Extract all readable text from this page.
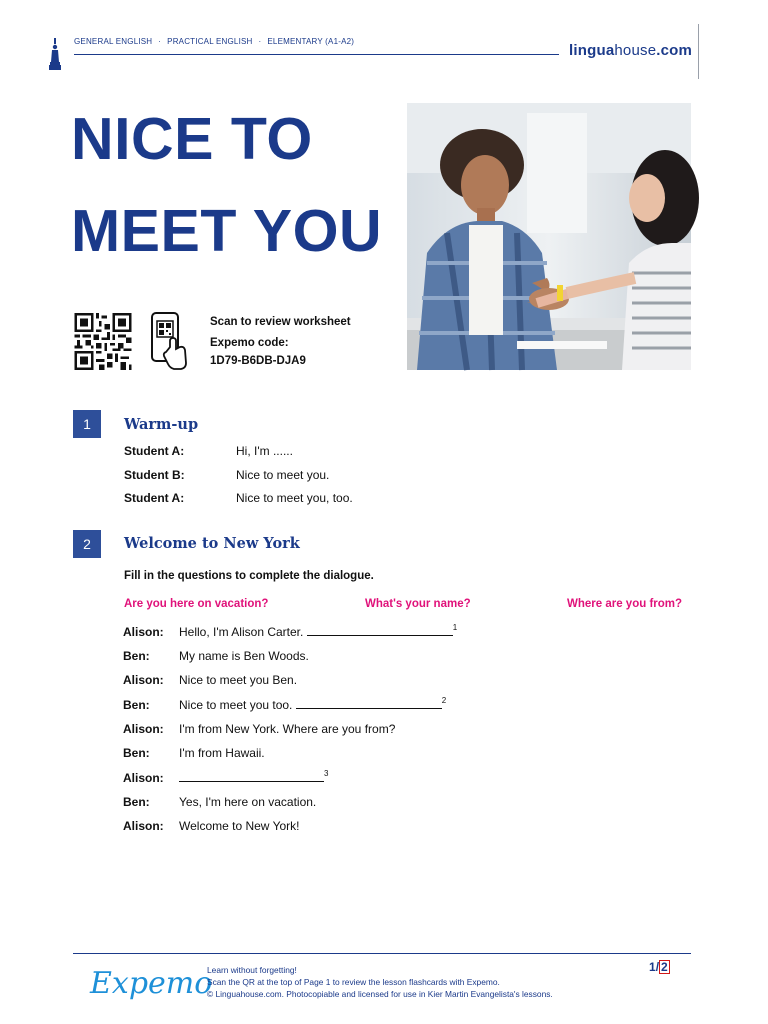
GENERAL ENGLISH · PRACTICAL ENGLISH · ELEMENTARY (A1-A2)
linguahouse.com
NICE TO
MEET YOU
Scan to review worksheet
Expemo code:
1D79-B6DB-DJA9
1	Warm-up
Student A:	Hi, I'm ......
Student B:	Nice to meet you.
Student A:	Nice to meet you, too.
2	Welcome to New York
Fill in the questions to complete the dialogue.
Are you here on vacation?	What's your name?	Where are you from?
Alison: Hello, I'm Alison Carter.	$^1$
Ben: My name is Ben Woods.
Alison: Nice to meet you Ben.
Ben: Nice to meet you too.	$^2$
Alison: I'm from New York. Where are you from?
Ben: I'm from Hawaii.
Alison:	$^3$
Ben: Yes, I'm here on vacation.
Alison: Welcome to New York!
Expemo
Learn without forgetting!
Scan the QR at the top of Page 1 to review the lesson flashcards with Expemo.
© Linguahouse.com. Photocopiable and licensed for use in Kier Martin Evangelista's lessons.
1/ 2
